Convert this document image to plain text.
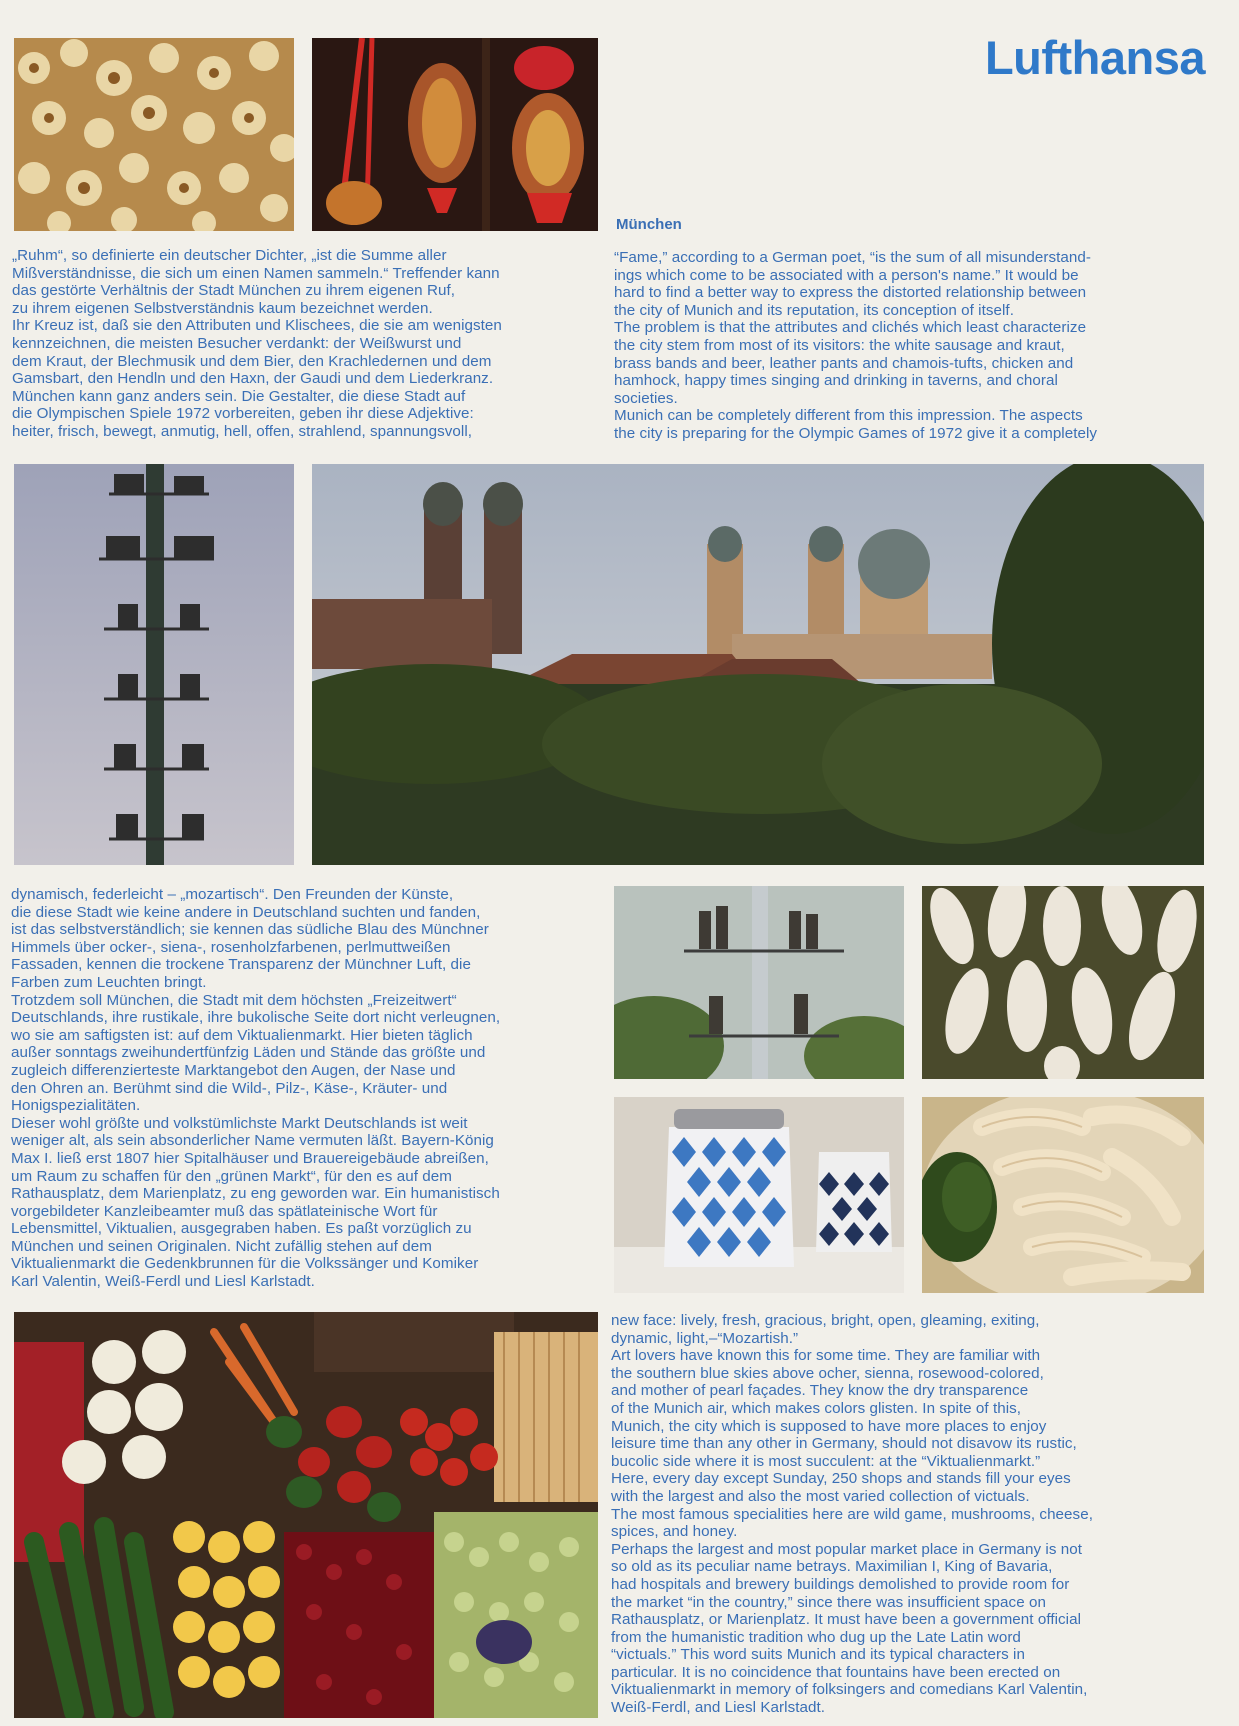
Lufthansa
München
„Ruhm“, so definierte ein deutscher Dichter, „ist die Summe aller
Mißverständnisse, die sich um einen Namen sammeln.“ Treffender kann
das gestörte Verhältnis der Stadt München zu ihrem eigenen Ruf,
zu ihrem eigenen Selbstverständnis kaum bezeichnet werden.
Ihr Kreuz ist, daß sie den Attributen und Klischees, die sie am wenigsten
kennzeichnen, die meisten Besucher verdankt: der Weißwurst und
dem Kraut, der Blechmusik und dem Bier, den Krachledernen und dem
Gamsbart, den Hendln und den Haxn, der Gaudi und dem Liederkranz.
München kann ganz anders sein. Die Gestalter, die diese Stadt auf
die Olympischen Spiele 1972 vorbereiten, geben ihr diese Adjektive:
heiter, frisch, bewegt, anmutig, hell, offen, strahlend, spannungsvoll,
“Fame,” according to a German poet, “is the sum of all misunderstand-
ings which come to be associated with a person's name.” It would be
hard to find a better way to express the distorted relationship between
the city of Munich and its reputation, its conception of itself.
The problem is that the attributes and clichés which least characterize
the city stem from most of its visitors: the white sausage and kraut,
brass bands and beer, leather pants and chamois-tufts, chicken and
hamhock, happy times singing and drinking in taverns, and choral
societies.
Munich can be completely different from this impression. The aspects
the city is preparing for the Olympic Games of 1972 give it a completely
dynamisch, federleicht – „mozartisch“. Den Freunden der Künste,
die diese Stadt wie keine andere in Deutschland suchten und fanden,
ist das selbstverständlich; sie kennen das südliche Blau des Münchner
Himmels über ocker-, siena-, rosenholzfarbenen, perlmuttweißen
Fassaden, kennen die trockene Transparenz der Münchner Luft, die
Farben zum Leuchten bringt.
Trotzdem soll München, die Stadt mit dem höchsten „Freizeitwert“
Deutschlands, ihre rustikale, ihre bukolische Seite dort nicht verleugnen,
wo sie am saftigsten ist: auf dem Viktualienmarkt. Hier bieten täglich
außer sonntags zweihundertfünfzig Läden und Stände das größte und
zugleich differenzierteste Marktangebot den Augen, der Nase und
den Ohren an. Berühmt sind die Wild-, Pilz-, Käse-, Kräuter- und
Honigspezialitäten.
Dieser wohl größte und volkstümlichste Markt Deutschlands ist weit
weniger alt, als sein absonderlicher Name vermuten läßt. Bayern-König
Max I. ließ erst 1807 hier Spitalhäuser und Brauereigebäude abreißen,
um Raum zu schaffen für den „grünen Markt“, für den es auf dem
Rathausplatz, dem Marienplatz, zu eng geworden war. Ein humanistisch
vorgebildeter Kanzleibeamter muß das spätlateinische Wort für
Lebensmittel, Viktualien, ausgegraben haben. Es paßt vorzüglich zu
München und seinen Originalen. Nicht zufällig stehen auf dem
Viktualienmarkt die Gedenkbrunnen für die Volkssänger und Komiker
Karl Valentin, Weiß-Ferdl und Liesl Karlstadt.
new face: lively, fresh, gracious, bright, open, gleaming, exiting,
dynamic, light,–“Mozartish.”
Art lovers have known this for some time. They are familiar with
the southern blue skies above ocher, sienna, rosewood-colored,
and mother of pearl façades. They know the dry transparence
of the Munich air, which makes colors glisten. In spite of this,
Munich, the city which is supposed to have more places to enjoy
leisure time than any other in Germany, should not disavow its rustic,
bucolic side where it is most succulent: at the “Viktualienmarkt.”
Here, every day except Sunday, 250 shops and stands fill your eyes
with the largest and also the most varied collection of victuals.
The most famous specialities here are wild game, mushrooms, cheese,
spices, and honey.
Perhaps the largest and most popular market place in Germany is not
so old as its peculiar name betrays. Maximilian I, King of Bavaria,
had hospitals and brewery buildings demolished to provide room for
the market “in the country,” since there was insufficient space on
Rathausplatz, or Marienplatz. It must have been a government official
from the humanistic tradition who dug up the Late Latin word
“victuals.” This word suits Munich and its typical characters in
particular. It is no coincidence that fountains have been erected on
Viktualienmarkt in memory of folksingers and comedians Karl Valentin,
Weiß-Ferdl, and Liesl Karlstadt.
